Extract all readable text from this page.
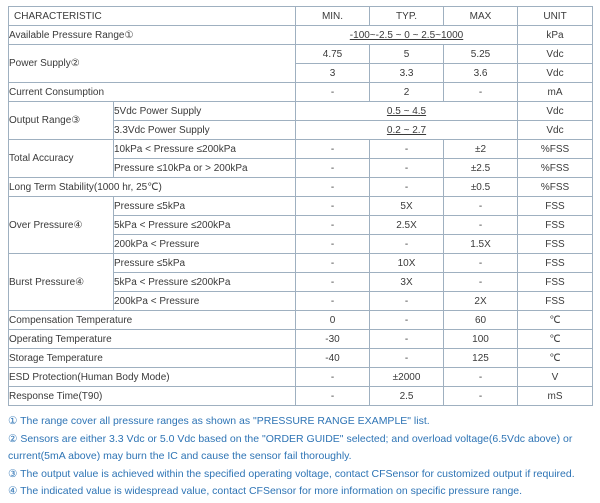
CHARACTERISTIC		MIN.	TYP.	MAX	UNIT
Available Pressure Range①		-100~-2.5 ~ 0 ~ 2.5~1000			kPa
Power Supply②		4.75	5	5.25	Vdc
		3	3.3	3.6	Vdc
Current Consumption		-	2	-	mA
Output Range③	5Vdc Power Supply	0.5 ~ 4.5			Vdc
	3.3Vdc Power Supply	0.2 ~ 2.7			Vdc
Total Accuracy	10kPa < Pressure ≤200kPa	-	-	±2	%FSS
	Pressure ≤10kPa or > 200kPa	-	-	±2.5	%FSS
Long Term Stability(1000 hr, 25℃)		-	-	±0.5	%FSS
Over Pressure④	Pressure ≤5kPa	-	5X	-	FSS
	5kPa < Pressure ≤200kPa	-	2.5X	-	FSS
	200kPa < Pressure	-	-	1.5X	FSS
Burst Pressure④	Pressure ≤5kPa	-	10X	-	FSS
	5kPa < Pressure ≤200kPa	-	3X	-	FSS
	200kPa < Pressure	-	-	2X	FSS
Compensation Temperature		0	-	60	℃
Operating Temperature		-30	-	100	℃
Storage Temperature		-40	-	125	℃
ESD Protection(Human Body Mode)		-	±2000	-	V
Response Time(T90)		-	2.5	-	mS
① The range cover all pressure ranges as shown as "PRESSURE RANGE EXAMPLE" list.
② Sensors are either 3.3 Vdc or 5.0 Vdc based on the "ORDER GUIDE" selected; and overload voltage(6.5Vdc above) or
current(5mA above) may burn the IC and cause the sensor fail thoroughly.
③ The output value is achieved within the specified operating voltage, contact CFSensor for customized output if required.
④ The indicated value is widespread value, contact CFSensor for more information on specific pressure range.
